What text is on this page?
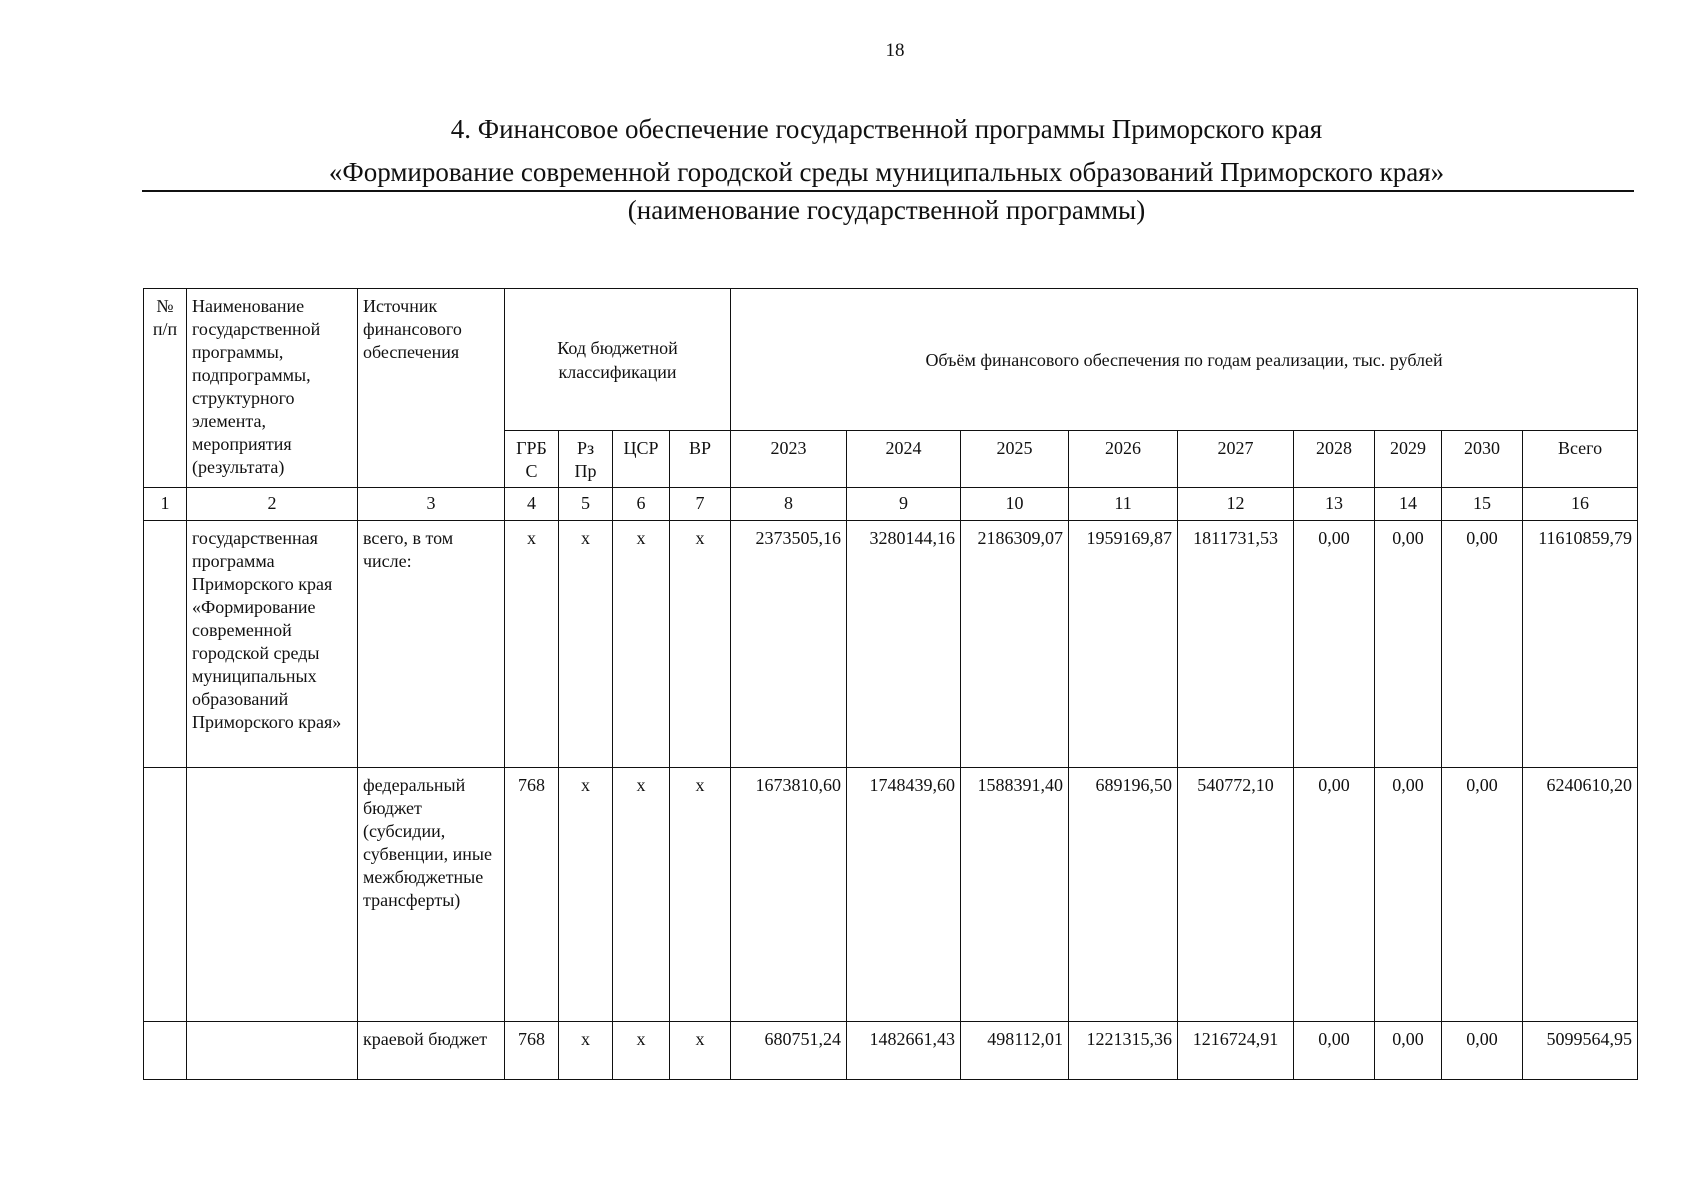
18
4. Финансовое обеспечение государственной программы Приморского края
«Формирование современной городской среды муниципальных образований Приморского края»
(наименование государственной программы)
№ п/п	Наименование государственной программы, подпрограммы, структурного элемента, мероприятия (результата)	Источник финансового обеспечения	Код бюджетной классификации				Объём финансового обеспечения по годам реализации, тыс. рублей								
			ГРБ С	Рз Пр	ЦСР	ВР	2023	2024	2025	2026	2027	2028	2029	2030	Всего
1	2	3	4	5	6	7	8	9	10	11	12	13	14	15	16
	государственная программа Приморского края «Формирование современной городской среды муниципальных образований Приморского края»	всего, в том числе:	х	х	х	х	2373505,16	3280144,16	2186309,07	1959169,87	1811731,53	0,00	0,00	0,00	11610859,79
		федеральный бюджет (субсидии, субвенции, иные межбюджетные трансферты)	768	х	х	х	1673810,60	1748439,60	1588391,40	689196,50	540772,10	0,00	0,00	0,00	6240610,20
		краевой бюджет	768	х	х	х	680751,24	1482661,43	498112,01	1221315,36	1216724,91	0,00	0,00	0,00	5099564,95
